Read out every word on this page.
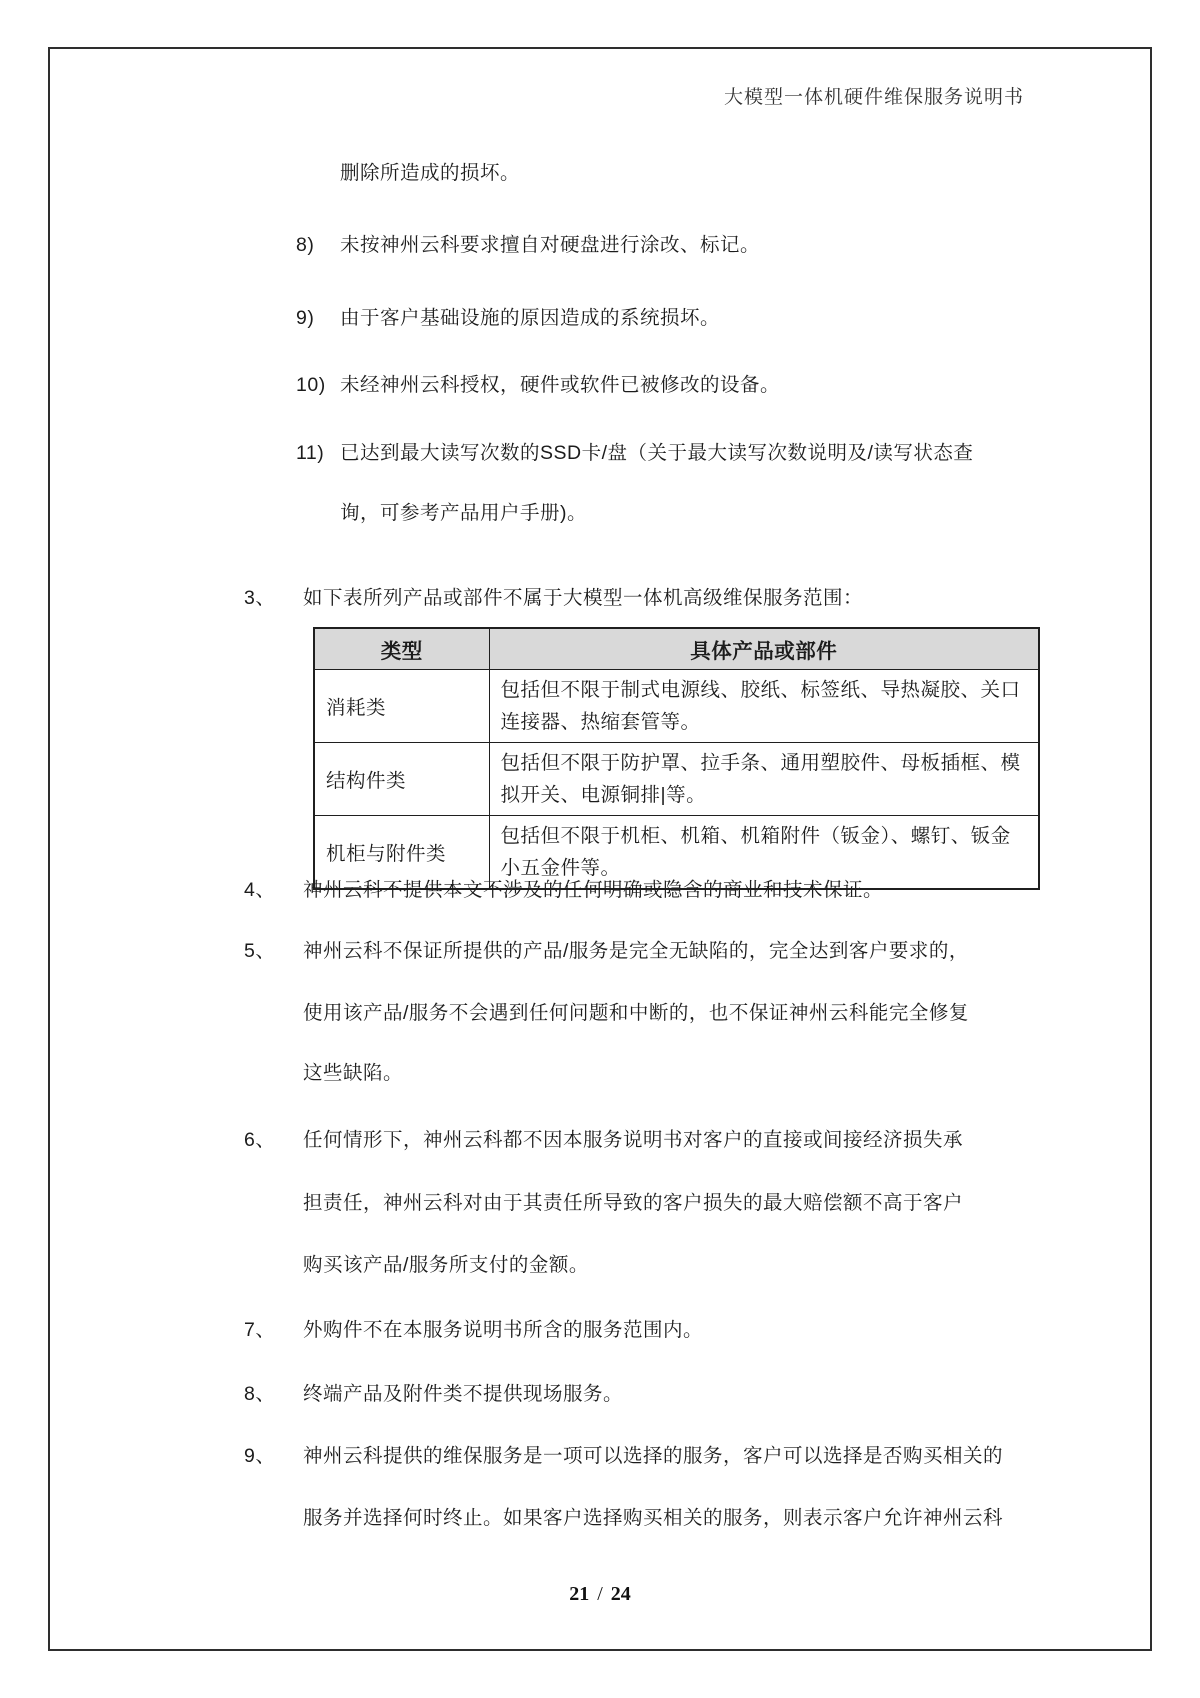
大模型一体机硬件维保服务说明书
删除所造成的损坏。
8) 未按神州云科要求擅自对硬盘进行涂改、标记。
9) 由于客户基础设施的原因造成的系统损坏。
10) 未经神州云科授权，硬件或软件已被修改的设备。
11) 已达到最大读写次数的SSD卡/盘（关于最大读写次数说明及/读写状态查
询，可参考产品用户手册)。
3、 如下表所列产品或部件不属于大模型一体机高级维保服务范围：
类型	具体产品或部件
消耗类	包括但不限于制式电源线、胶纸、标签纸、导热凝胶、关口连接器、热缩套管等。
结构件类	包括但不限于防护罩、拉手条、通用塑胶件、母板插框、模拟开关、电源铜排|等。
机柜与附件类	包括但不限于机柜、机箱、机箱附件（钣金）、螺钉、钣金小五金件等。
4、 神州云科不提供本文不涉及的任何明确或隐含的商业和技术保证。
5、 神州云科不保证所提供的产品/服务是完全无缺陷的，完全达到客户要求的，
使用该产品/服务不会遇到任何问题和中断的，也不保证神州云科能完全修复
这些缺陷。
6、 任何情形下，神州云科都不因本服务说明书对客户的直接或间接经济损失承
担责任，神州云科对由于其责任所导致的客户损失的最大赔偿额不高于客户
购买该产品/服务所支付的金额。
7、 外购件不在本服务说明书所含的服务范围内。
8、 终端产品及附件类不提供现场服务。
9、 神州云科提供的维保服务是一项可以选择的服务，客户可以选择是否购买相关的
服务并选择何时终止。如果客户选择购买相关的服务，则表示客户允许神州云科
21 / 24
